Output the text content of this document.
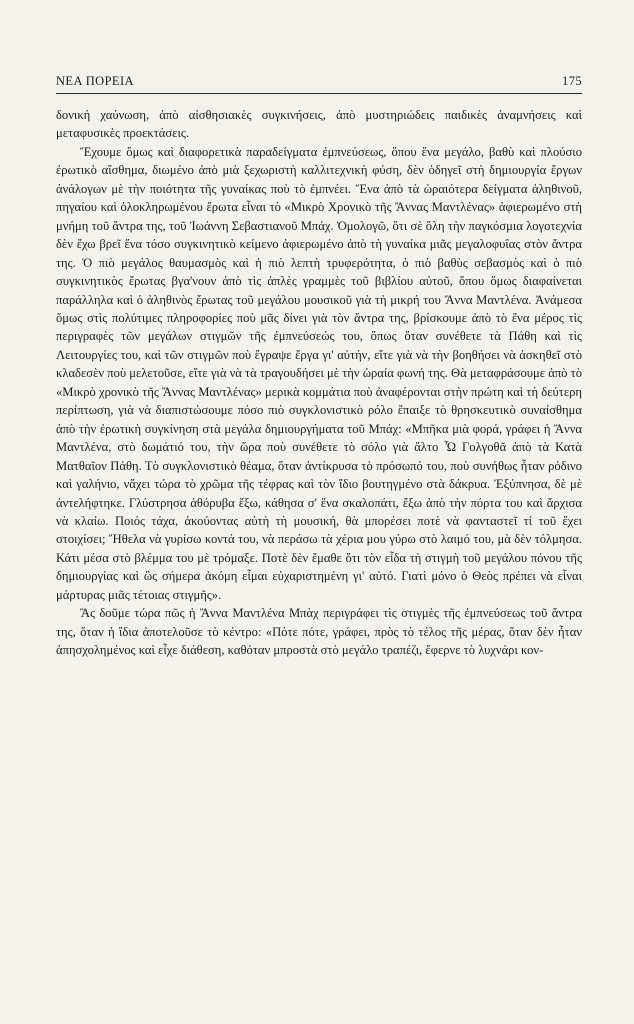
ΝΕΑ ΠΟΡΕΙΑ	175

δονική χαύνωση, ἀπὸ αἰσθησιακὲς συγκινήσεις, ἀπὸ μυστηριώδεις παιδικὲς ἀναμνήσεις καὶ μεταφυσικὲς προεκτάσεις.

Ἔχουμε ὅμως καὶ διαφορετικὰ παραδείγματα ἐμπνεύσεως, ὅπου ἕνα μεγάλο, βαθὺ καὶ πλούσιο ἐρωτικὸ αἴσθημα, διωμένο ἀπὸ μιὰ ξεχωριστὴ καλλιτεχνικὴ φύση, δὲν ὁδηγεῖ στὴ δημιουργία ἔργων ἀνάλογων μὲ τὴν ποιότητα τῆς γυναίκας ποὺ τὸ ἐμπνέει. Ἕνα ἀπὸ τὰ ὡραιότερα δείγματα ἀληθινοῦ, πηγαίου καὶ ὁλοκληρωμένου ἔρωτα εἶναι τὸ «Μικρὸ Χρονικὸ τῆς Ἄννας Μαντλένας» ἀφιερωμένο στὴ μνήμη τοῦ ἄντρα της, τοῦ Ἰωάννη Σεβαστιανοῦ Μπάχ. Ὁμολογῶ, ὅτι σὲ ὅλη τὴν παγκόσμια λογοτεχνία δὲν ἔχω βρεῖ ἕνα τόσο συγκινητικὸ κείμενο ἀφιερωμένο ἀπὸ τὴ γυναίκα μιᾶς μεγαλοφυΐας στὸν ἄντρα της. Ὁ πιὸ μεγάλος θαυμασμὸς καὶ ἡ πιὸ λεπτὴ τρυφερότητα, ὁ πιὸ βαθὺς σεβασμὸς καὶ ὁ πιὸ συγκινητικὸς ἔρωτας βγα'νουν ἀπὸ τὶς ἁπλὲς γραμμὲς τοῦ βιβλίου αὐτοῦ, ὅπου ὅμως διαφαίνεται παράλληλα καὶ ὁ ἀληθινὸς ἔρωτας τοῦ μεγάλου μουσικοῦ γιὰ τὴ μικρή του Ἄννα Μαντλένα. Ἀνάμεσα ὅμως στὶς πολύτιμες πληροφορίες ποὺ μᾶς δίνει γιὰ τὸν ἄντρα της, βρίσκουμε ἀπὸ τὸ ἕνα μέρος τὶς περιγραφὲς τῶν μεγάλων στιγμῶν τῆς ἐμπνεύσεώς του, ὅπως ὅταν συνέθετε τὰ Πάθη καὶ τὶς Λειτουργίες του, καὶ τῶν στιγμῶν ποὺ ἔγραψε ἔργα γι' αὐτήν, εἴτε γιὰ νὰ τὴν βοηθήσει νὰ ἀσκηθεῖ στὸ κλαδεσὲν ποὺ μελετοῦσε, εἴτε γιὰ νὰ τὰ τραγουδήσει μὲ τὴν ὡραία φωνή της. Θὰ μεταφράσουμε ἀπὸ τὸ «Μικρὸ χρονικὸ τῆς Ἄννας Μαντλένας» μερικὰ κομμάτια ποὺ ἀναφέρονται στὴν πρώτη καὶ τὴ δεύτερη περίπτωση, γιὰ νὰ διαπιστώσουμε πόσο πιὸ συγκλονιστικὸ ρόλο ἔπαιξε τὸ θρησκευτικὸ συναίσθημα ἀπὸ τὴν ἐρωτικὴ συγκίνηση στὰ μεγάλα δημιουργήματα τοῦ Μπάχ: «Μπῆκα μιὰ φορά, γράφει ἡ Ἄννα Μαντλένα, στὸ δωμάτιό του, τὴν ὥρα ποὺ συνέθετε τὸ σόλο γιὰ ἄλτο Ὦ Γολγοθᾶ ἀπὸ τὰ Κατὰ Ματθαῖον Πάθη. Τὸ συγκλονιστικὸ θέαμα, ὅταν ἀντίκρυσα τὸ πρόσωπό του, ποὺ συνήθως ἦταν ρόδινο καὶ γαλήνιο, νἄχει τώρα τὸ χρῶμα τῆς τέφρας καὶ τὸν ἴδιο βουτηγμένο στὰ δάκρυα. Ἐξύπνησα, δὲ μὲ ἀντελήφτηκε. Γλύστρησα ἀθόρυβα ἔξω, κάθησα σ' ἕνα σκαλοπάτι, ἔξω ἀπὸ τὴν πόρτα του καὶ ἄρχισα νὰ κλαίω. Ποιός τάχα, ἀκούοντας αὐτὴ τὴ μουσική, θὰ μπορέσει ποτὲ νὰ φανταστεῖ τί τοῦ ἔχει στοιχίσει; Ἤθελα νὰ γυρίσω κοντά του, νὰ περάσω τὰ χέρια μου γύρω στὸ λαιμό του, μὰ δὲν τόλμησα. Κάτι μέσα στὸ βλέμμα του μὲ τρόμαξε. Ποτὲ δὲν ἔμαθε ὅτι τὸν εἶδα τὴ στιγμὴ τοῦ μεγάλου πόνου τῆς δημιουργίας καὶ ὣς σήμερα ἀκόμη εἶμαι εὐχαριστημένη γι' αὐτό. Γιατὶ μόνο ὁ Θεὸς πρέπει νὰ εἶναι μάρτυρας μιᾶς τέτοιας στιγμῆς».

Ἂς δοῦμε τώρα πῶς ἡ Ἄννα Μαντλένα Μπὰχ περιγράφει τὶς στιγμὲς τῆς ἐμπνεύσεως τοῦ ἄντρα της, ὅταν ἡ ἴδια ἀποτελοῦσε τὸ κέντρο: «Πότε πότε, γράφει, πρὸς τὸ τέλος τῆς μέρας, ὅταν δὲν ἦταν ἀπησχολημένος καὶ εἶχε διάθεση, καθόταν μπροστὰ στὸ μεγάλο τραπέζι, ἔφερνε τὸ λυχνάρι κον-
